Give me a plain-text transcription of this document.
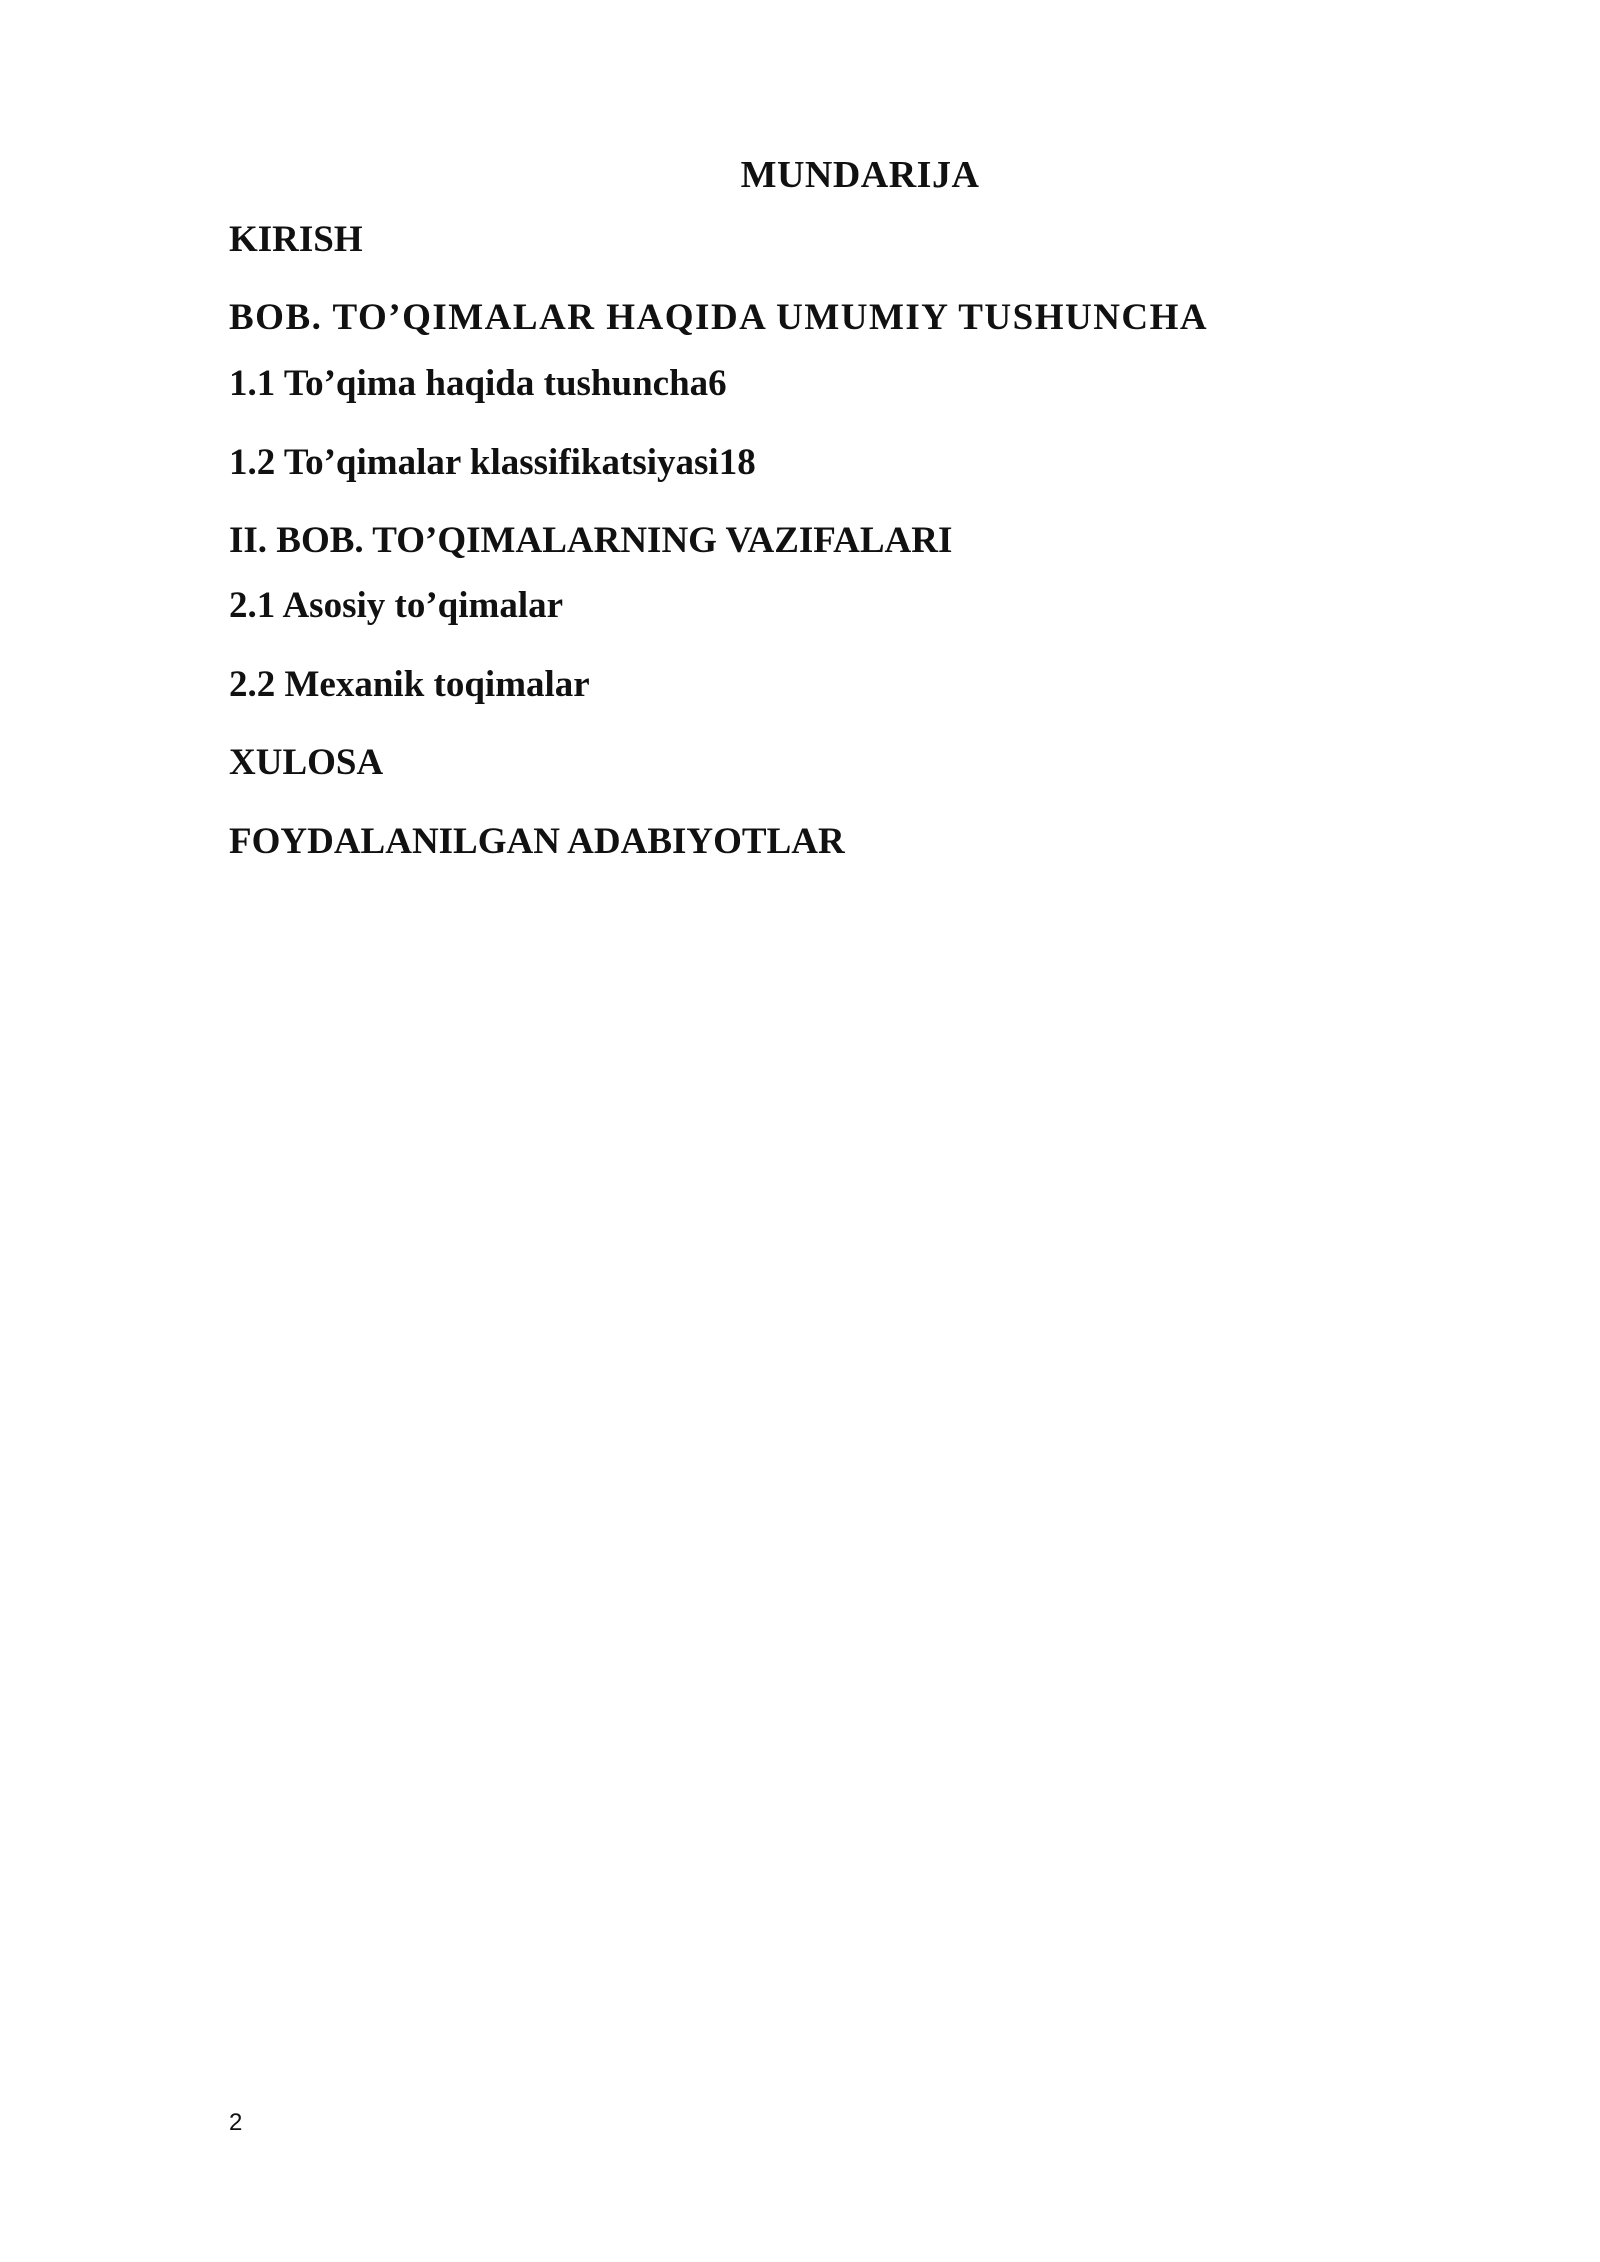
MUNDARIJA

KIRISH

BOB. TO’QIMALAR HAQIDA UMUMIY TUSHUNCHA

1.1 To’qima haqida tushuncha6

1.2 To’qimalar klassifikatsiyasi18

II. BOB. TO’QIMALARNING VAZIFALARI

2.1 Asosiy to’qimalar

2.2 Mexanik toqimalar

XULOSA

FOYDALANILGAN ADABIYOTLAR

2
